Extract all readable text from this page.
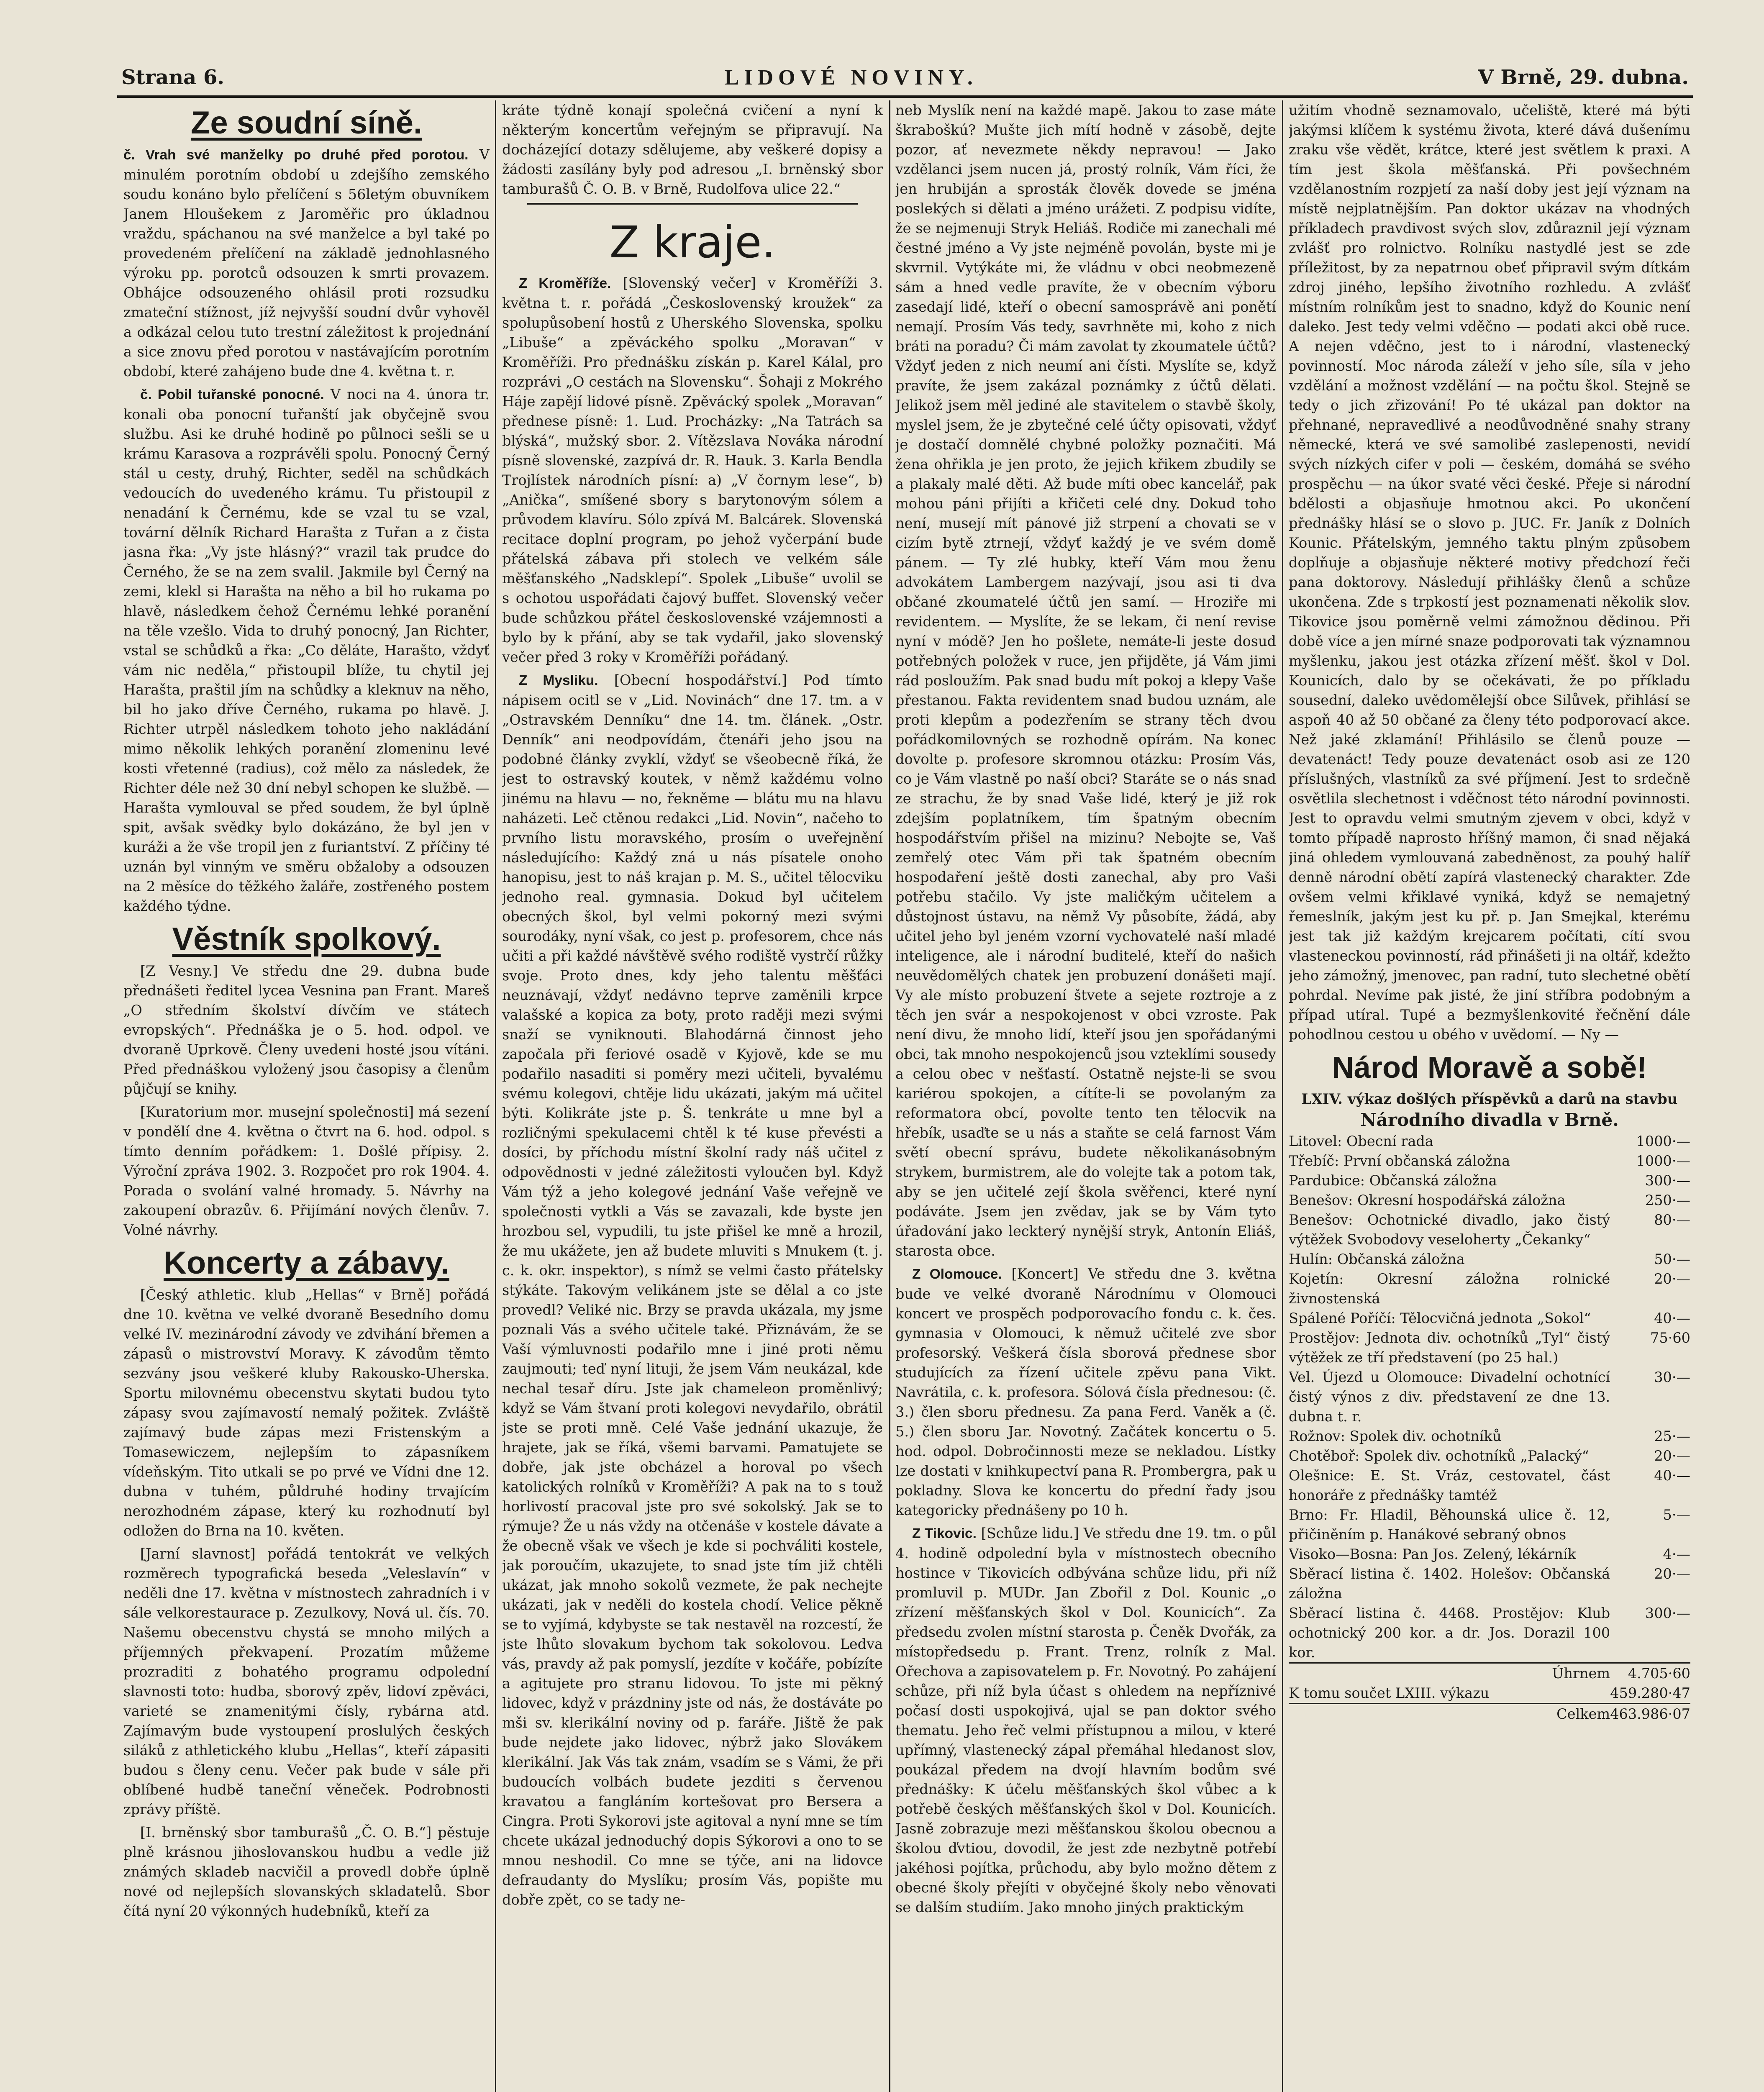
Strana 6.	LIDOVÉ NOVINY.	V Brně, 29. dubna.
Ze soudní síně.

č. Vrah své manželky po druhé před porotou. V minulém porotním období u zdejšího zemského soudu konáno bylo přelíčení s 56letým obuvníkem Janem Hloušekem z Jaroměřic pro úkladnou vraždu, spáchanou na své manželce a byl také po provedeném přelíčení na základě jednohlasného výroku pp. porotců odsouzen k smrti provazem. Obhájce odsouzeného ohlásil proti rozsudku zmateční stížnost, jíž nejvyšší soudní dvůr vyhověl a odkázal celou tuto trestní záležitost k projednání a sice znovu před porotou v nastávajícím porotním období, které zahájeno bude dne 4. května t. r.

č. Pobil tuřanské ponocné. V noci na 4. února tr. konali oba ponocní tuřanští jak obyčejně svou službu. Asi ke druhé hodině po půlnoci sešli se u krámu Karasova a rozprávěli spolu. Ponocný Černý stál u cesty, druhý, Richter, seděl na schůdkách vedoucích do uvedeného krámu. Tu přistoupil z nenadání k Černému, kde se vzal tu se vzal, tovární dělník Richard Haraštа z Tuřan a z čista jasna řka: „Vy jste hlásný?“ vrazil tak prudce do Černého, že se na zem svalil. Jakmile byl Černý na zemi, klekl si Harašta na něho a bil ho rukama po hlavě, následkem čehož Černému lehké poranění na těle vzešlo. Vida to druhý ponocný, Jan Richter, vstal se schůdků a řka: „Co děláte, Harašto, vždyť vám nic neděla,“ přistoupil blíže, tu chytil jej Harašta, praštil jím na schůdky a kleknuv na něho, bil ho jako dříve Černého, rukama po hlavě. J. Richter utrpěl následkem tohoto jeho nakládání mimo několik lehkých poranění zlomeninu levé kosti vřetenné (radius), což mělo za následek, že Richter déle než 30 dní nebyl schopen ke službě. — Harašta vymlouval se před soudem, že byl úplně spit, avšak svědky bylo dokázáno, že byl jen v kuráži a že vše tropil jen z furiantství. Z příčiny té uznán byl vinným ve směru obžaloby a odsouzen na 2 měsíce do těžkého žaláře, zostřeného postem každého týdne.

Věstník spolkový.

[Z Vesny.] Ve středu dne 29. dubna bude přednášeti ředitel lycea Vesnina pan Frant. Mareš „O středním školství dívčím ve státech evropských“. Přednáška je o 5. hod. odpol. ve dvoraně Uprkově. Členy uvedeni hosté jsou vítáni. Před přednáškou vyložený jsou časopisy a členům půjčují se knihy.

[Kuratorium mor. musejní společnosti] má sezení v pondělí dne 4. května o čtvrt na 6. hod. odpol. s tímto denním pořádkem: 1. Došlé přípisy. 2. Výroční zpráva 1902. 3. Rozpočet pro rok 1904. 4. Porada o svolání valné hromady. 5. Návrhy na zakoupení obrazův. 6. Přijímání nových členův. 7. Volné návrhy.

Koncerty a zábavy.

[Český athletic. klub „Hellas“ v Brně] pořádá dne 10. května ve velké dvoraně Besedního domu velké IV. mezinárodní závody ve zdvihání břemen a zápasů o mistrovství Moravy. K závodům těmto sezvány jsou veškeré kluby Rakousko-Uherska. Sportu milovnému obecenstvu skytati budou tyto zápasy svou zajímavostí nemalý požitek. Zvláště zajímavý bude zápas mezi Fristenským a Tomasewiczem, nejlepším to zápasníkem vídeňským. Tito utkali se po prvé ve Vídni dne 12. dubna v tuhém, půldruhé hodiny trvajícím nerozhodném zápase, který ku rozhodnutí byl odložen do Brna na 10. květen.

[Jarní slavnost] pořádá tentokrát ve velkých rozměrech typografická beseda „Veleslavín“ v neděli dne 17. května v místnostech zahradních i v sále velkorestaurace p. Zezulkovy, Nová ul. čís. 70. Našemu obecenstvu chystá se mnoho milých a příjemných překvapení. Prozatím můžeme prozraditi z bohatého programu odpolední slavnosti toto: hudba, sborový zpěv, lidoví zpěváci, varieté se znamenitými čísly, rybárna atd. Zajímavým bude vystoupení proslulých českých siláků z athletického klubu „Hellas“, kteří zápasiti budou s členy cenu. Večer pak bude v sále při oblíbené hudbě taneční věneček. Podrobnosti zprávy příště.

[I. brněnský sbor tamburašů „Č. O. B.“] pěstuje plně krásnou jihoslovanskou hudbu a vedle již známých skladeb nacvičil a provedl dobře úplně nové od nejlepších slovanských skladatelů. Sbor čítá nyní 20 výkonných hudebníků, kteří za

kráte týdně konají společná cvičení a nyní k některým koncertům veřejným se připravují. Na docházející dotazy sdělujeme, aby veškeré dopisy a žádosti zasílány byly pod adresou „I. brněnský sbor tamburašů Č. O. B. v Brně, Rudolfova ulice 22.“

Z kraje.

Z Kroměříže. [Slovenský večer] v Kroměříži 3. května t. r. pořádá „Československý kroužek“ za spolupůsobení hostů z Uherského Slovenska, spolku „Libuše“ a zpěváckého spolku „Moravan“ v Kroměříži. Pro přednášku získán p. Karel Kálal, pro rozprávi „O cestách na Slovensku“. Šohaji z Mokrého Háje zapějí lidové písně. Zpěvácký spolek „Moravan“ přednese písně: 1. Lud. Procházky: „Na Tatrách sa blýská“, mužský sbor. 2. Vítězslava Nováka národní písně slovenské, zazpívá dr. R. Hauk. 3. Karla Bendla Trojlístek národních písní: a) „V čornym lese“, b) „Anička“, smíšené sbory s barytonovým sólem a průvodem klavíru. Sólo zpívá M. Balcárek. Slovenská recitace doplní program, po jehož vyčerpání bude přátelská zábava při stolech ve velkém sále měšťanského „Nadsklepí“. Spolek „Libuše“ uvolil se s ochotou uspořádati čajový buffet. Slovenský večer bude schůzkou přátel československé vzájemnosti a bylo by k přání, aby se tak vydařil, jako slovenský večer před 3 roky v Kroměříži pořádaný.

Z Mysliku. [Obecní hospodářství.] Pod tímto nápisem ocitl se v „Lid. Novinách“ dne 17. tm. a v „Ostravském Denníku“ dne 14. tm. článek. „Ostr. Denník“ ani neodpovídám, čtenáři jeho jsou na podobné články zvyklí, vždyť se všeobecně říká, že jest to ostravský koutek, v němž každému volno jinému na hlavu — no, řekněme — blátu mu na hlavu naházeti. Leč ctěnou redakci „Lid. Novin“, načeho to prvního listu moravského, prosím o uveřejnění následujícího: Každý zná u nás písatele onoho hanopisu, jest to náš krajan p. M. S., učitel tělocviku jednoho real. gymnasia. Dokud byl učitelem obecných škol, byl velmi pokorný mezi svými sourodáky, nyní však, co jest p. profesorem, chce nás učiti a při každé návštěvě svého rodiště vystrčí růžky svoje. Proto dnes, kdy jeho talentu měšťáci neuznávají, vždyť nedávno teprve zaměnili krpce valašské a kopica za boty, proto raději mezi svými snaží se vyniknouti. Blahodárná činnost jeho započala při feriové osadě v Kyjově, kde se mu podařilo nasaditi si poměry mezi učiteli, byvalému svému kolegovi, chtěje lidu ukázati, jakým má učitel býti. Kolikráte jste p. Š. tenkráte u mne byl a rozličnými spekulacemi chtěl k té kuse převésti a dosíci, by příchodu místní školní rady náš učitel z odpovědnosti v jedné záležitosti vyloučen byl. Když Vám týž a jeho kolegové jednání Vaše veřejně ve společnosti vytkli a Vás se zavazali, kde byste jen hrozbou sel, vypudili, tu jste přišel ke mně a hrozil, že mu ukážete, jen až budete mluviti s Mnukem (t. j. c. k. okr. inspektor), s nímž se velmi často přátelsky stýkáte. Takovým velikánem jste se dělal a co jste provedl? Veliké nic. Brzy se pravda ukázala, my jsme poznali Vás a svého učitele také. Přiznávám, že se Vaší výmluvnosti podařilo mne i jiné proti němu zaujmouti; teď nyní lituji, že jsem Vám neukázal, kde nechal tesař díru. Jste jak chameleon proměnlivý; když se Vám štvaní proti kolegovi nevydařilo, obrátil jste se proti mně. Celé Vaše jednání ukazuje, že hrajete, jak se říká, všemi barvami. Pamatujete se dobře, jak jste obcházel a horoval po všech katolických rolníků v Kroměříži? A pak na to s touž horlivostí pracoval jste pro své sokolský. Jak se to rýmuje? Že u nás vždy na otčenáše v kostele dávate a že obecně však ve všech je kde si pochváliti kostele, jak poroučím, ukazujete, to snad jste tím již chtěli ukázat, jak mnoho sokolů vezmete, že pak nechejte ukázati, jak v neděli do kostela chodí. Velice pěkně se to vyjímá, kdybyste se tak nestavěl na rozcestí, že jste lhůto slovakum bychom tak sokolovou. Ledva vás, pravdy až pak pomyslí, jezdíte v kočáře, pobízíte a agitujete pro stranu lidovou. To jste mi pěkný lidovec, když v prázdniny jste od nás, že dostáváte po mši sv. klerikální noviny od p. faráře. Jiště že pak bude nejdete jako lidovec, nýbrž jako Slovákem klerikální. Jak Vás tak znám, vsadím se s Vámi, že při budoucích volbách budete jezditi s červenou kravatou a fangláním kortešovat pro Bersera a Cingra. Proti Sykorovi jste agitoval a nyní mne se tím chcete ukázal jednoduchý dopis Sýkorovi a ono to se mnou neshodil. Co mne se týče, ani na lidovce defraudanty do Myslíku; prosím Vás, popište mu dobře zpět, co se tady ne-

neb Myslík není na každé mapě. Jakou to zase máte škraboškú? Mušte jich mítí hodně v zásobě, dejte pozor, ať nevezmete někdy nepravou! — Jako vzdělanci jsem nucen já, prostý rolník, Vám říci, že jen hrubiján a sprosták člověk dovede se jména poslekých si dělati a jméno urážeti. Z podpisu vidíte, že se nejmenuji Stryk Heliáš. Rodiče mi zanechali mé čestné jméno a Vy jste nejméně povolán, byste mi je skvrnil. Vytýkáte mi, že vládnu v obci neobmezeně sám a hned vedle pravíte, že v obecním výboru zasedají lidé, kteří o obecní samosprávě ani ponětí nemají. Prosím Vás tedy, savrhněte mi, koho z nich bráti na poradu? Či mám zavolat ty zkoumatele účtů? Vždyť jeden z nich neumí ani čísti. Myslíte se, když pravíte, že jsem zakázal poznámky z účtů dělati. Jelikož jsem měl jediné ale stavitelem o stavbě školy, myslel jsem, že je zbytečné celé účty opisovati, vždyť je dostačí domnělé chybné položky poznačiti. Má žena ohřikla je jen proto, že jejich křikem zbudily se a plakaly malé děti. Až bude míti obec kancelář, pak mohou páni přijíti a křičeti celé dny. Dokud toho není, musejí mít pánové již strpení a chovati se v cizím bytě ztrnejí, vždyť každý je ve svém domě pánem. — Ty zlé hubky, kteří Vám mou ženu advokátem Lambergem nazývají, jsou asi ti dva občané zkoumatelé účtů jen samí. — Hroziře mi revidentem. — Myslíte, že se lekam, či není revise nyní v módě? Jen ho pošlete, nemáte-li jeste dosud potřebných položek v ruce, jen přijděte, já Vám jimi rád posloužím. Pak snad budu mít pokoj a klepy Vaše přestanou. Fakta revidentem snad budou uznám, ale proti klepům a podezřením se strany těch dvou pořádkomilovných se rozhodně opírám. Na konec dovolte p. profesore skromnou otázku: Prosím Vás, co je Vám vlastně po naší obci? Staráte se o nás snad ze strachu, že by snad Vaše lidé, který je již rok zdejším poplatníkem, tím špatným obecním hospodářstvím přišel na mizinu? Nebojte se, Vaš zemřelý otec Vám při tak špatném obecním hospodaření ještě dosti zanechal, aby pro Vaši potřebu stačilo. Vy jste maličkým učitelem a důstojnost ústavu, na němž Vy působíte, žádá, aby učitel jeho byl jeném vzorní vychovatelé naší mladé inteligence, ale i národní buditelé, kteří do našich neuvědomělých chatek jen probuzení donášeti mají. Vy ale místo probuzení štvete a sejete roztroje a z těch jen svár a nespokojenost v obci vzroste. Pak není divu, že mnoho lidí, kteří jsou jen spořádanými obci, tak mnoho nespokojenců jsou vzteklími sousedy a celou obec v nešťastí. Ostatně nejste-li se svou kariérou spokojen, a cítíte-li se povolaným za reformatora obcí, povolte tento ten tělocvik na hřebík, usaďte se u nás a staňte se celá farnost Vám světí obecní správu, budete několikanásobným strykem, burmistrem, ale do volejte tak a potom tak, aby se jen učitelé zejí škola svěřenci, které nyní podáváte. Jsem jen zvědav, jak se by Vám tyto úřadování jako leckterý nynější stryk, Antonín Eliáš, starosta obce.

Z Olomouce. [Koncert] Ve středu dne 3. května bude ve velké dvoraně Národnímu v Olomouci koncert ve prospěch podporovacího fondu c. k. čes. gymnasia v Olomouci, k němuž učitelé zve sbor profesorský. Veškerá čísla sborová přednese sbor studujících za řízení učitele zpěvu pana Vikt. Navrátila, c. k. profesora. Sólová čísla přednesou: (č. 3.) člen sboru přednesu. Za pana Ferd. Vaněk a (č. 5.) člen sboru Jar. Novotný. Začátek koncertu o 5. hod. odpol. Dobročinnosti meze se nekladou. Lístky lze dostati v knihkupectví pana R. Prombergra, pak u pokladny. Slova ke koncertu do přední řady jsou kategoricky přednášeny po 10 h.

Z Tikovic. [Schůze lidu.] Ve středu dne 19. tm. o půl 4. hodině odpolední byla v místnostech obecního hostince v Tikovicích odbývána schůze lidu, při níž promluvil p. MUDr. Jan Zbořil z Dol. Kounic „o zřízení měšťanských škol v Dol. Kounicích“. Za předsedu zvolen místní starosta p. Čeněk Dvořák, za místopředsedu p. Frant. Trenz, rolník z Mal. Ořechova a zapisovatelem p. Fr. Novotný. Po zahájení schůze, při níž byla účast s ohledem na nepříznivé počasí dosti uspokojivá, ujal se pan doktor svého thematu. Jeho řeč velmi přístupnou a milou, v které upřímný, vlastenecký zápal přemáhal hledanost slov, poukázal předem na dvojí hlavním bodům své přednášky: K účelu měšťanských škol vůbec a k potřebě českých měšťanských škol v Dol. Kounicích. Jasně zobrazuje mezi měšťanskou školou obecnou a školou ďvtiou, dovodil, že jest zde nezbytně potřebí jakéhosi pojítka, průchodu, aby bylo možno dětem z obecné školy přejíti v obyčejné školy nebo věnovati se dalším studiím. Jako mnoho jiných praktickým

užitím vhodně seznamovalo, učeliště, které má býti jakýmsi klíčem k systému života, které dává dušenímu zraku vše vědět, krátce, které jest světlem k praxi. A tím jest škola měšťanská. Při povšechném vzdělanostním rozpjetí za naší doby jest její význam na místě nejplatnějším. Pan doktor ukázav na vhodných příkladech pravdivost svých slov, zdůraznil její význam zvlášť pro rolnictvo. Rolníku nastydlé jest se zde příležitost, by za nepatrnou obeť připravil svým dítkám zdroj jiného, lepšího životního rozhledu. A zvlášť místním rolníkům jest to snadno, když do Kounic není daleko. Jest tedy velmi vděčno — podati akci obě ruce. A nejen vděčno, jest to i národní, vlastenecký povinností. Moc národa záleží v jeho síle, síla v jeho vzdělání a možnost vzdělání — na počtu škol. Stejně se tedy o jich zřizování! Po té ukázal pan doktor na přehnané, nepravedlivé a neodůvodněné snahy strany německé, která ve své samolibé zaslepenosti, nevidí svých nízkých cifer v poli — českém, domáhá se svého prospěchu — na úkor svaté věci české. Přeje si národní bdělosti a objasňuje hmotnou akci. Po ukončení přednášky hlásí se o slovo p. JUC. Fr. Janík z Dolních Kounic. Přátelským, jemného taktu plným způsobem doplňuje a objasňuje některé motivy předchozí řeči pana doktorovy. Následují přihlášky členů a schůze ukončena. Zde s trpkostí jest poznamenati několik slov. Tikovice jsou poměrně velmi zámožnou dědinou. Při době více a jen mírné snaze podporovati tak významnou myšlenku, jakou jest otázka zřízení měšť. škol v Dol. Kounicích, dalo by se očekávati, že po příkladu sousední, daleko uvědomělejší obce Silůvek, přihlásí se aspoň 40 až 50 občané za členy této podporovací akce. Než jaké zklamání! Přihlásilo se členů pouze — devatenáct! Tedy pouze devatenáct osob asi ze 120 příslušných, vlastníků za své příjmení. Jest to srdečně osvětlila slechetnost i vděčnost této národní povinnosti. Jest to opravdu velmi smutným zjevem v obci, když v tomto případě naprosto hříšný mamon, či snad nějaká jiná ohledem vymlouvaná zabedněnost, za pouhý halíř denně národní obětí zapírá vlastenecký charakter. Zde ovšem velmi křiklavé vyniká, když se nemajetný řemeslník, jakým jest ku př. p. Jan Smejkal, kterému jest tak již každým krejcarem počítati, cítí svou vlasteneckou povinností, rád přinášeti ji na oltář, kdežto jeho zámožný, jmenovec, pan radní, tuto slechetné obětí pohrdal. Nevíme pak jisté, že jiní stříbra podobným a případ utíral. Tupé a bezmyšlenkovité řečnění dále pohodlnou cestou u obého v uvědomí. — Ny —

Národ Moravě a sobě!
LXIV. výkaz došlých příspěvků a darů na stavbu
Národního divadla v Brně.
Litovel: Obecní rada	1000·—
Třebíč: První občanská záložna	1000·—
Pardubice: Občanská záložna	300·—
Benešov: Okresní hospodářská záložna	250·—
Benešov: Ochotnické divadlo, jako čistý výtěžek Svobodovy veseloherty „Čekanky“	80·—
Hulín: Občanská záložna	50·—
Kojetín: Okresní záložna rolnické živnostenská	20·—
Spálené Poříčí: Tělocvičná jednota „Sokol“	40·—
Prostějov: Jednota div. ochotníků „Tyl“ čistý výtěžek ze tří představení (po 25 hal.)	75·60
Vel. Újezd u Olomouce: Divadelní ochotnící čistý výnos z div. představení ze dne 13. dubna t. r.	30·—
Rožnov: Spolek div. ochotníků	25·—
Chotěboř: Spolek div. ochotníků „Palacký“	20·—
Olešnice: E. St. Vráz, cestovatel, část honoráře z přednášky tamtéž	40·—
Brno: Fr. Hladil, Běhounská ulice č. 12, přičiněním p. Hanákové sebraný obnos	5·—
Visoko—Bosna: Pan Jos. Zelený, lékárník	4·—
Sběrací listina č. 1402. Holešov: Občanská záložna	20·—
Sběrací listina č. 4468. Prostějov: Klub ochotnický 200 kor. a dr. Jos. Dorazil 100 kor.	300·—
Úhrnem	4.705·60
K tomu součet LXIII. výkazu	459.280·47
Celkem	463.986·07
